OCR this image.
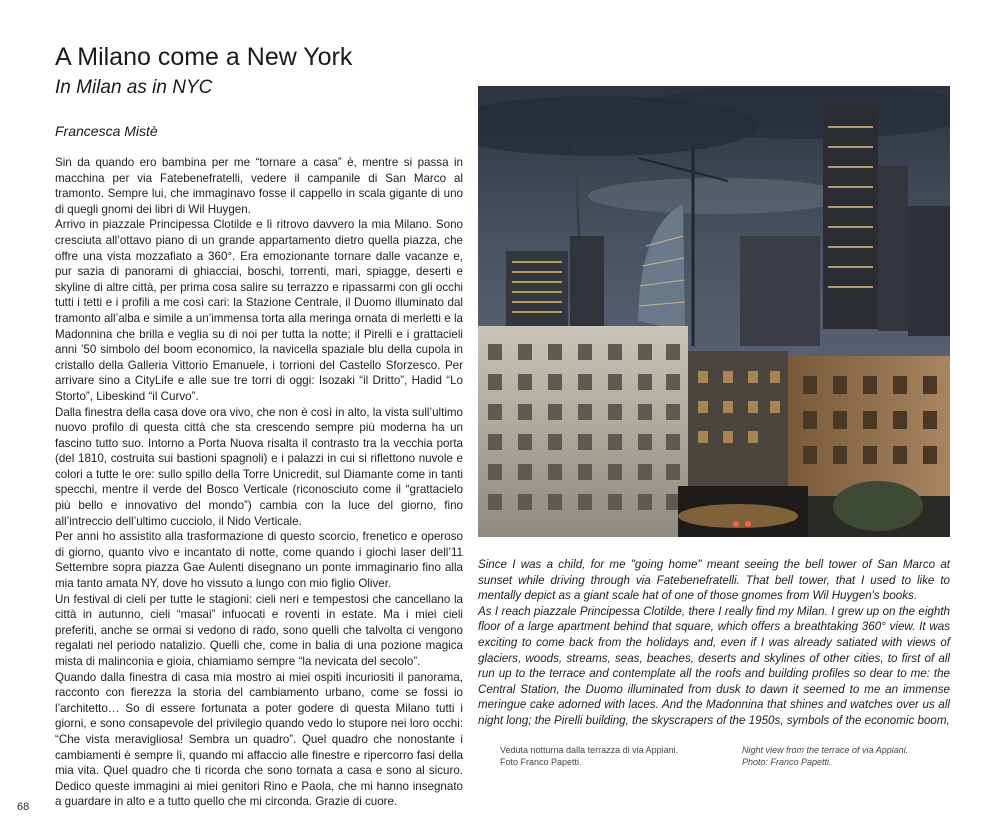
A Milano come a New York
In Milan as in NYC
Francesca Mistè

Sin da quando ero bambina per me “tornare a casa” è, mentre si passa in macchina per via Fatebenefratelli, vedere il campanile di San Marco al tramonto. Sempre lui, che immaginavo fosse il cappello in scala gigante di uno di quegli gnomi dei libri di Wil Huygen.

Arrivo in piazzale Principessa Clotilde e lì ritrovo davvero la mia Milano. Sono cresciuta all’ottavo piano di un grande appartamento dietro quella piazza, che offre una vista mozzafiato a 360°. Era emozionante tornare dalle vacanze e, pur sazia di panorami di ghiacciai, boschi, torrenti, mari, spiagge, deserti e skyline di altre città, per prima cosa salire su terrazzo e ripassarmi con gli occhi tutti i tetti e i profili a me così cari: la Stazione Centrale, il Duomo illuminato dal tramonto all’alba e simile a un’immensa torta alla meringa ornata di merletti e la Madonnina che brilla e veglia su di noi per tutta la notte; il Pirelli e i grattacieli anni ’50 simbolo del boom economico, la navicella spaziale blu della cupola in cristallo della Galleria Vittorio Emanuele, i torrioni del Castello Sforzesco. Per arrivare sino a CityLife e alle sue tre torri di oggi: Isozaki “il Dritto”, Hadid “Lo Storto”, Libeskind “il Curvo”.

Dalla finestra della casa dove ora vivo, che non è così in alto, la vista sull’ultimo nuovo profilo di questa città che sta crescendo sempre più moderna ha un fascino tutto suo. Intorno a Porta Nuova risalta il contrasto tra la vecchia porta (del 1810, costruita sui bastioni spagnoli) e i palazzi in cui si riflettono nuvole e colori a tutte le ore: sullo spillo della Torre Unicredit, sul Diamante come in tanti specchi, mentre il verde del Bosco Verticale (riconosciuto come il “grattacielo più bello e innovativo del mondo”) cambia con la luce del giorno, fino all’intreccio dell’ultimo cucciolo, il Nido Verticale.

Per anni ho assistito alla trasformazione di questo scorcio, frenetico e operoso di giorno, quanto vivo e incantato di notte, come quando i giochi laser dell’11 Settembre sopra piazza Gae Aulenti disegnano un ponte immaginario fino alla mia tanto amata NY, dove ho vissuto a lungo con mio figlio Oliver.

Un festival di cieli per tutte le stagioni: cieli neri e tempestosi che cancellano la città in autunno, cieli “masai” infuocati e roventi in estate. Ma i miei cieli preferiti, anche se ormai si vedono di rado, sono quelli che talvolta ci vengono regalati nel periodo natalizio. Quelli che, come in balia di una pozione magica mista di malinconia e gioia, chiamiamo sempre “la nevicata del secolo”.

Quando dalla finestra di casa mia mostro ai miei ospiti incuriositi il panorama, racconto con fierezza la storia del cambiamento urbano, come se fossi io l’architetto… So di essere fortunata a poter godere di questa Milano tutti i giorni, e sono consapevole del privilegio quando vedo lo stupore nei loro occhi: “Che vista meravigliosa! Sembra un quadro”. Quel quadro che nonostante i cambiamenti è sempre lì, quando mi affaccio alle finestre e ripercorro fasi della mia vita. Quel quadro che ti ricorda che sono tornata a casa e sono al sicuro. Dedico queste immagini ai miei genitori Rino e Paola, che mi hanno insegnato a guardare in alto e a tutto quello che mi circonda. Grazie di cuore.

Since I was a child, for me "going home" meant seeing the bell tower of San Marco at sunset while driving through via Fatebenefratelli. That bell tower, that I used to like to mentally depict as a giant scale hat of one of those gnomes from Wil Huygen's books.

As I reach piazzale Principessa Clotilde, there I really find my Milan. I grew up on the eighth floor of a large apartment behind that square, which offers a breathtaking 360° view. It was exciting to come back from the holidays and, even if I was already satiated with views of glaciers, woods, streams, seas, beaches, deserts and skylines of other cities, to first of all run up to the terrace and contemplate all the roofs and building profiles so dear to me: the Central Station, the Duomo illuminated from dusk to dawn it seemed to me an immense meringue cake adorned with laces. And the Madonnina that shines and watches over us all night long; the Pirelli building, the skyscrapers of the 1950s, symbols of the economic boom,

Veduta notturna dalla terrazza di via Appiani.
Foto Franco Papetti.
Night view from the terrace of via Appiani.
Photo: Franco Papetti.
68
